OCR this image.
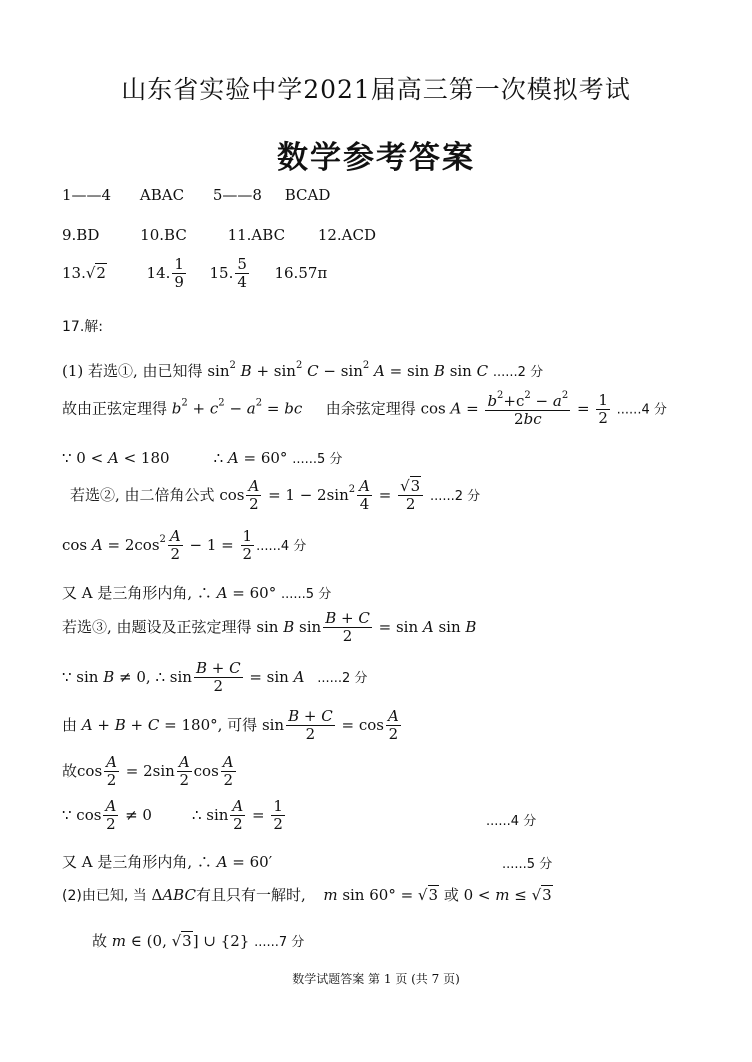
山东省实验中学2021届高三第一次模拟考试
数学参考答案
1——4 ABAC 5——8 BCAD
9.BD	10.BC	11.ABC 12.ACD
13.√2	14. $\frac{1}{9} 15$. $\frac{5}{4} 16.57\pi$
17.解:
(1) 若选①, 由已知得 $\sin^2 B + \sin^2 C - \sin^2 A = \sin B$ sin C ......2 分
故由正弦定理得 $b^2 + c^2 - a^2$ = bc 由余弦定理得 $\cos A = \frac{b^2+c^2 - a^2}{2bc} = \frac{1}{2} ......4$ 分
∵ 0 < A < 180	∴ A = 60° ......5 分
若选②, 由二倍角公式 $\cos \frac{A}{2} = 1 - 2\sin^2 \frac{A}{4} = \frac{√3}{2} ......2$ 分
$\cos A = 2\cos^2 \frac{A}{2} - 1 = \frac{1}{2} ......4$ 分
又 A 是三角形内角, ∴ A = 60° ......5 分
若选③, 由题设及正弦定理得 sin B $\sin \frac{B + C}{2} = \sin A$ sin B
∵ sin B ≠ 0, ∴ $\sin \frac{B + C}{2} = \sin A$ ......2 分
由 A + B + C = 180°, 可得 $\sin \frac{B + C}{2} = \cos \frac{A}{2}$
故$\cos \frac{A}{2} = 2\sin \frac{A}{2}$ $\cos \frac{A}{2}$
∵ $\cos \frac{A}{2} \ne 0$	∴ $\sin \frac{A}{2} = \frac{1}{2}$	......4 分
又 A 是三角形内角, ∴ A = 60′	......5 分
(2)由已知, 当 ΔABC有且只有一解时, m sin 60° = √3 或 0 < m ≤ √3
故 m ∈ (0, √3] ∪ {2} ......7 分
数学试题答案 第 1 页 (共 7 页)
